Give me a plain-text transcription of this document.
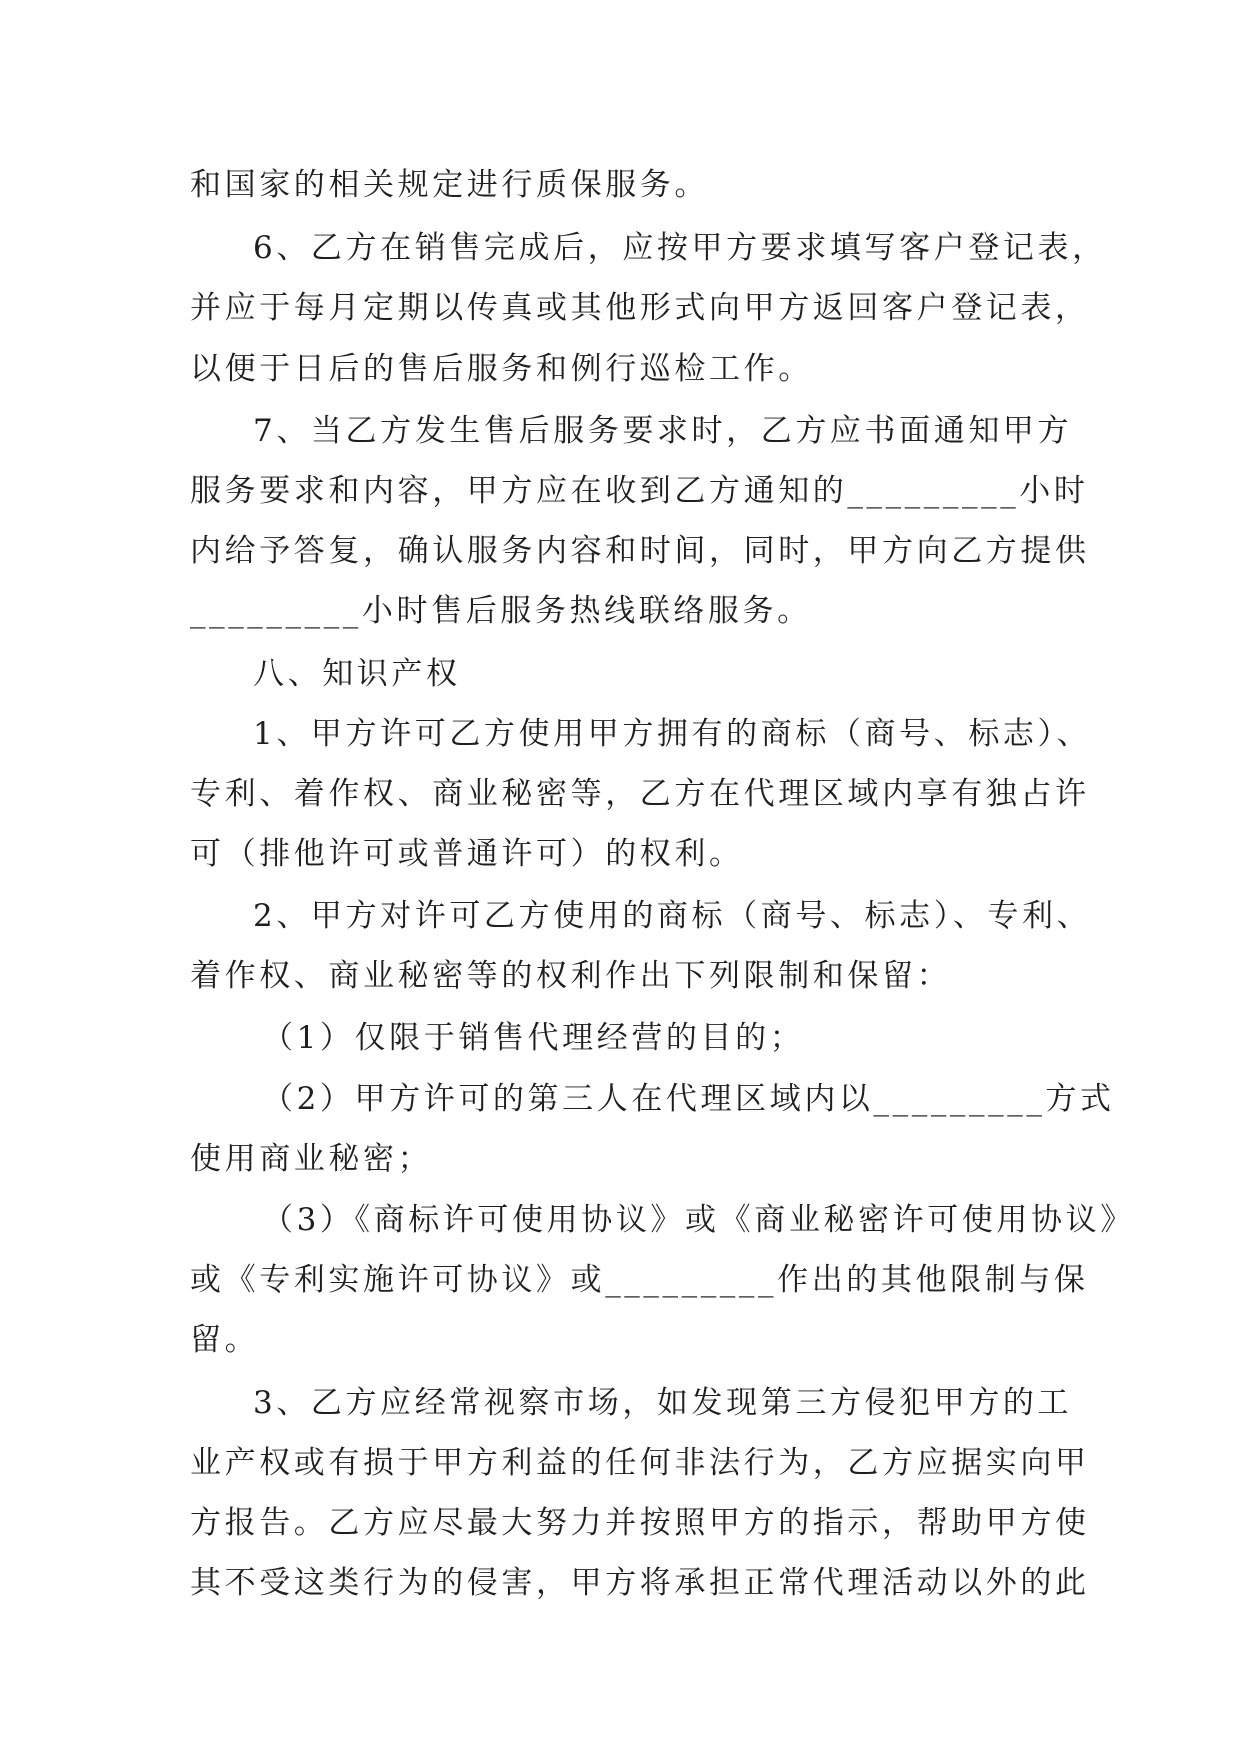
和国家的相关规定进行质保服务。

6、乙方在销售完成后，应按甲方要求填写客户登记表，

并应于每月定期以传真或其他形式向甲方返回客户登记表，

以便于日后的售后服务和例行巡检工作。

7、当乙方发生售后服务要求时，乙方应书面通知甲方

服务要求和内容，甲方应在收到乙方通知的_________小时

内给予答复，确认服务内容和时间，同时，甲方向乙方提供

_________小时售后服务热线联络服务。

八、知识产权

1、甲方许可乙方使用甲方拥有的商标（商号、标志）、

专利、着作权、商业秘密等，乙方在代理区域内享有独占许

可（排他许可或普通许可）的权利。

2、甲方对许可乙方使用的商标（商号、标志）、专利、

着作权、商业秘密等的权利作出下列限制和保留：

（1）仅限于销售代理经营的目的；

（2）甲方许可的第三人在代理区域内以_________方式

使用商业秘密；

（3）《商标许可使用协议》或《商业秘密许可使用协议》

或《专利实施许可协议》或_________作出的其他限制与保

留。

3、乙方应经常视察市场，如发现第三方侵犯甲方的工

业产权或有损于甲方利益的任何非法行为，乙方应据实向甲

方报告。乙方应尽最大努力并按照甲方的指示，帮助甲方使

其不受这类行为的侵害，甲方将承担正常代理活动以外的此
